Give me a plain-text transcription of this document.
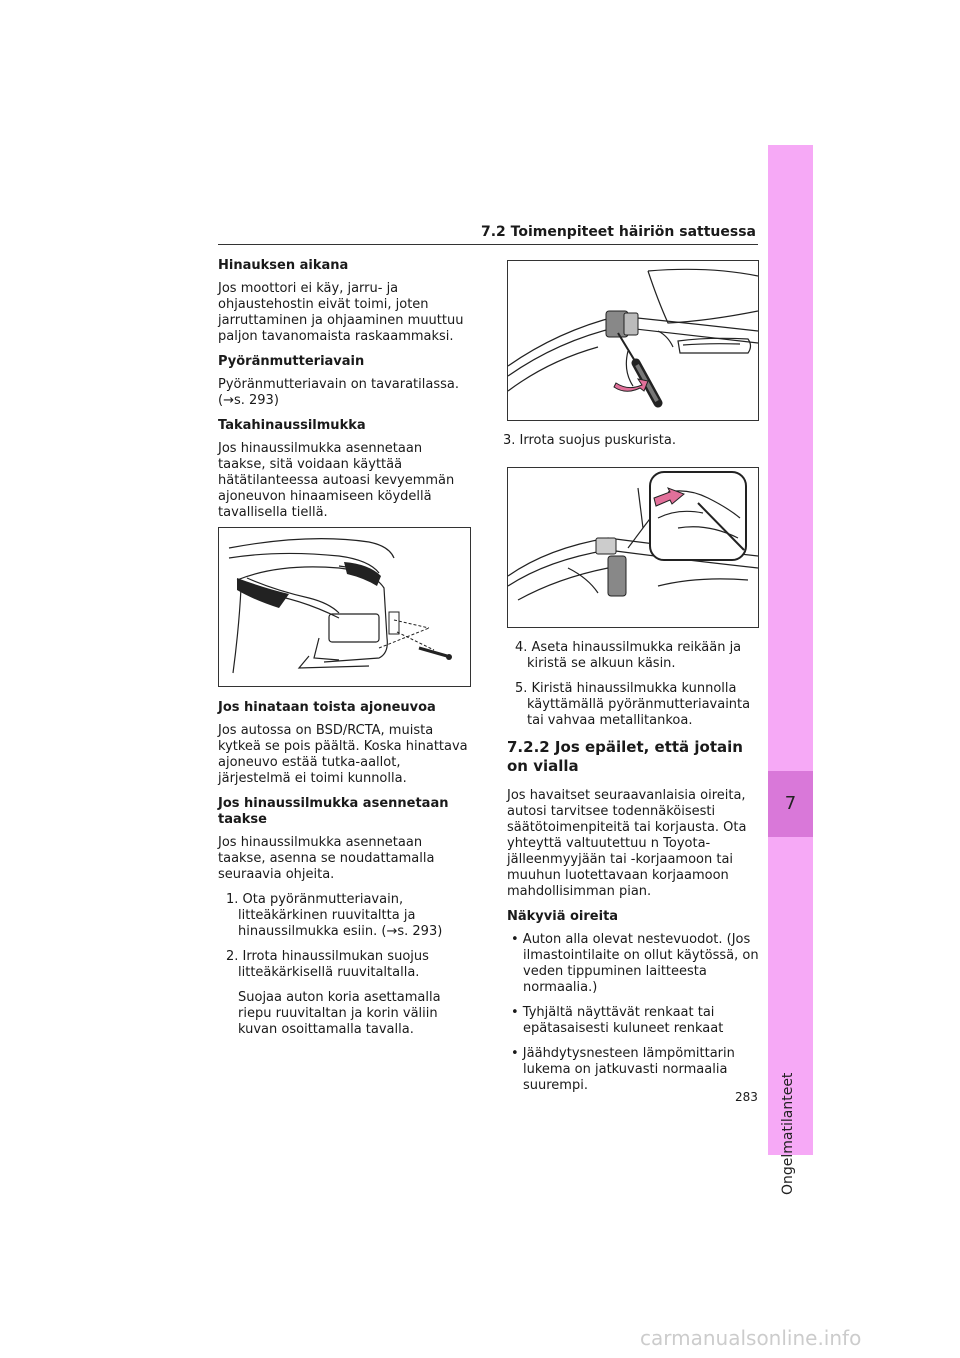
7.2 Toimenpiteet häiriön sattuessa
7
Ongelmatilanteet

Hinauksen aikana

Jos moottori ei käy, jarru- ja ohjaustehostin eivät toimi, joten jarruttaminen ja ohjaaminen muuttuu paljon tavanomaista raskaammaksi.

Pyöränmutteriavain

Pyöränmutteriavain on tavaratilassa. (→s. 293)

Takahinaussilmukka

Jos hinaussilmukka asennetaan taakse, sitä voidaan käyttää hätätilanteessa autoasi kevyemmän ajoneuvon hinaamiseen köydellä tavallisella tiellä.

Jos hinataan toista ajoneuvoa

Jos autossa on BSD/RCTA, muista kytkeä se pois päältä. Koska hinattava ajoneuvo estää tutka-aallot, järjestelmä ei toimi kunnolla.

Jos hinaussilmukka asennetaan taakse

Jos hinaussilmukka asennetaan taakse, asenna se noudattamalla seuraavia ohjeita.

1. Ota pyöränmutteriavain, litteäkärkinen ruuvitaltta ja hinaussilmukka esiin. (→s. 293)

2. Irrota hinaussilmukan suojus litteäkärkisellä ruuvitaltalla.

Suojaa auton koria asettamalla riepu ruuvitaltan ja korin väliin kuvan osoittamalla tavalla.

3. Irrota suojus puskurista.

4. Aseta hinaussilmukka reikään ja kiristä se alkuun käsin.

5. Kiristä hinaussilmukka kunnolla käyttämällä pyöränmutteriavainta tai vahvaa metallitankoa.

7.2.2 Jos epäilet, että jotain on vialla

Jos havaitset seuraavanlaisia oireita, autosi tarvitsee todennäköisesti säätötoimenpiteitä tai korjausta. Ota yhteyttä valtuutettuu n Toyota-jälleenmyyjään tai -korjaamoon tai muuhun luotettavaan korjaamoon mahdollisimman pian.

Näkyviä oireita

• Auton alla olevat nestevuodot. (Jos ilmastointilaite on ollut käytössä, on veden tippuminen laitteesta normaalia.)

• Tyhjältä näyttävät renkaat tai epätasaisesti kuluneet renkaat

• Jäähdytysnesteen lämpömittarin lukema on jatkuvasti normaalia suurempi.

283
carmanualsonline.info
